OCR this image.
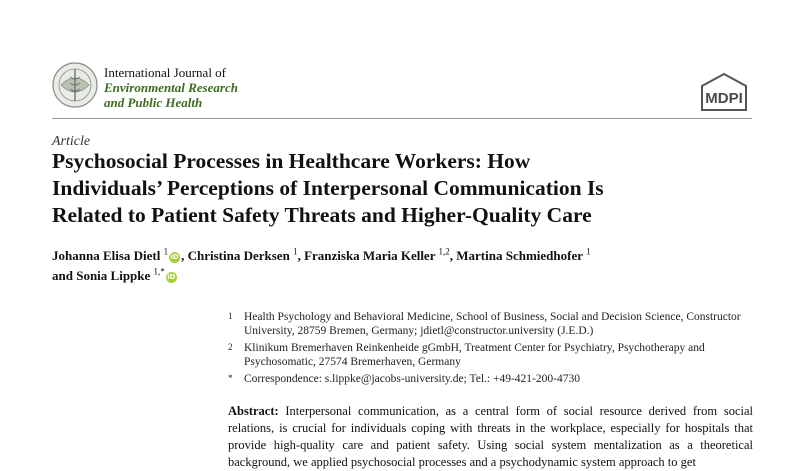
International Journal of
Environmental Research
and Public Health	MDPI
Article
Psychosocial Processes in Healthcare Workers: How
Individuals’ Perceptions of Interpersonal Communication Is
Related to Patient Safety Threats and Higher-Quality Care
Johanna Elisa Dietl $^1$iD , Christina Derksen $^1$, Franziska Maria Keller $^{1,2}$, Martina Schmiedhofer $^1$
and Sonia Lippke $^{1,*}$iD
1 Health Psychology and Behavioral Medicine, School of Business, Social and Decision Science, Constructor University, 28759 Bremen, Germany; jdietl@constructor.university (J.E.D.)
2 Klinikum Bremerhaven Reinkenheide gGmbH, Treatment Center for Psychiatry, Psychotherapy and Psychosomatic, 27574 Bremerhaven, Germany
* Correspondence: s.lippke@jacobs-university.de; Tel.: +49-421-200-4730
Abstract: Interpersonal communication, as a central form of social resource derived from social relations, is crucial for individuals coping with threats in the workplace, especially for hospitals that provide high-quality care and patient safety. Using social system mentalization as a theoretical background, we applied psychosocial processes and a psychodynamic system approach to get
